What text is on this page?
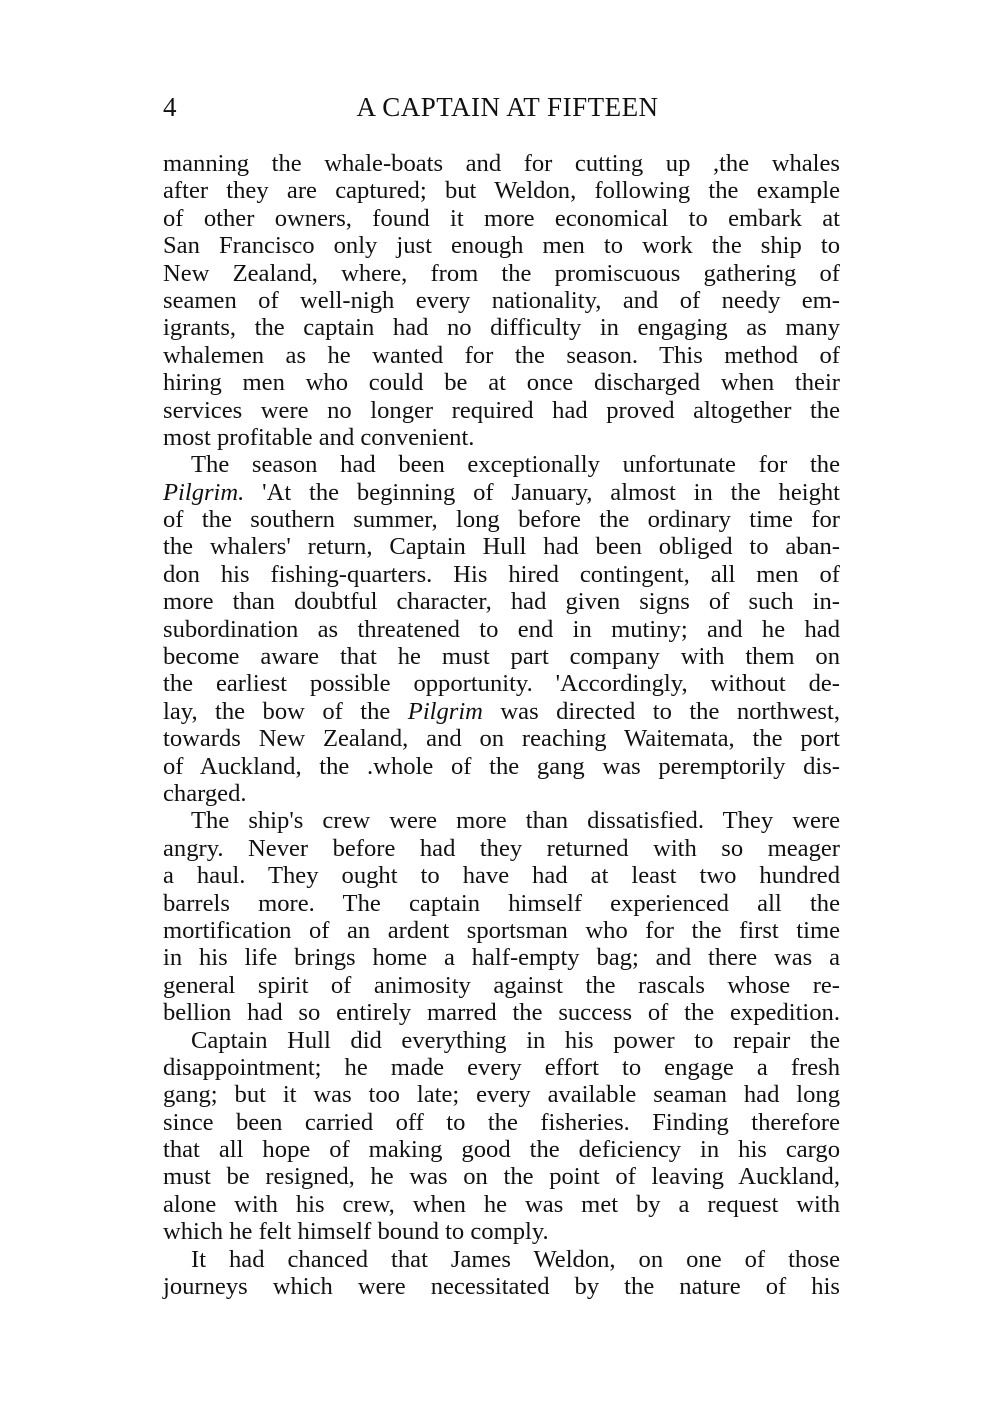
4	A CAPTAIN AT FIFTEEN
manning the whale-boats and for cutting up ,the whales
after they are captured; but Weldon, following the example
of other owners, found it more economical to embark at
San Francisco only just enough men to work the ship to
New Zealand, where, from the promiscuous gathering of
seamen of well-nigh every nationality, and of needy em-
igrants, the captain had no difficulty in engaging as many
whalemen as he wanted for the season. This method of
hiring men who could be at once discharged when their
services were no longer required had proved altogether the
most profitable and convenient.
The season had been exceptionally unfortunate for the
Pilgrim. 'At the beginning of January, almost in the height
of the southern summer, long before the ordinary time for
the whalers' return, Captain Hull had been obliged to aban-
don his fishing-quarters. His hired contingent, all men of
more than doubtful character, had given signs of such in-
subordination as threatened to end in mutiny; and he had
become aware that he must part company with them on
the earliest possible opportunity. 'Accordingly, without de-
lay, the bow of the Pilgrim was directed to the northwest,
towards New Zealand, and on reaching Waitemata, the port
of Auckland, the .whole of the gang was peremptorily dis-
charged.
The ship's crew were more than dissatisfied. They were
angry. Never before had they returned with so meager
a haul. They ought to have had at least two hundred
barrels more. The captain himself experienced all the
mortification of an ardent sportsman who for the first time
in his life brings home a half-empty bag; and there was a
general spirit of animosity against the rascals whose re-
bellion had so entirely marred the success of the expedition.
Captain Hull did everything in his power to repair the
disappointment; he made every effort to engage a fresh
gang; but it was too late; every available seaman had long
since been carried off to the fisheries. Finding therefore
that all hope of making good the deficiency in his cargo
must be resigned, he was on the point of leaving Auckland,
alone with his crew, when he was met by a request with
which he felt himself bound to comply.
It had chanced that James Weldon, on one of those
journeys which were necessitated by the nature of his
